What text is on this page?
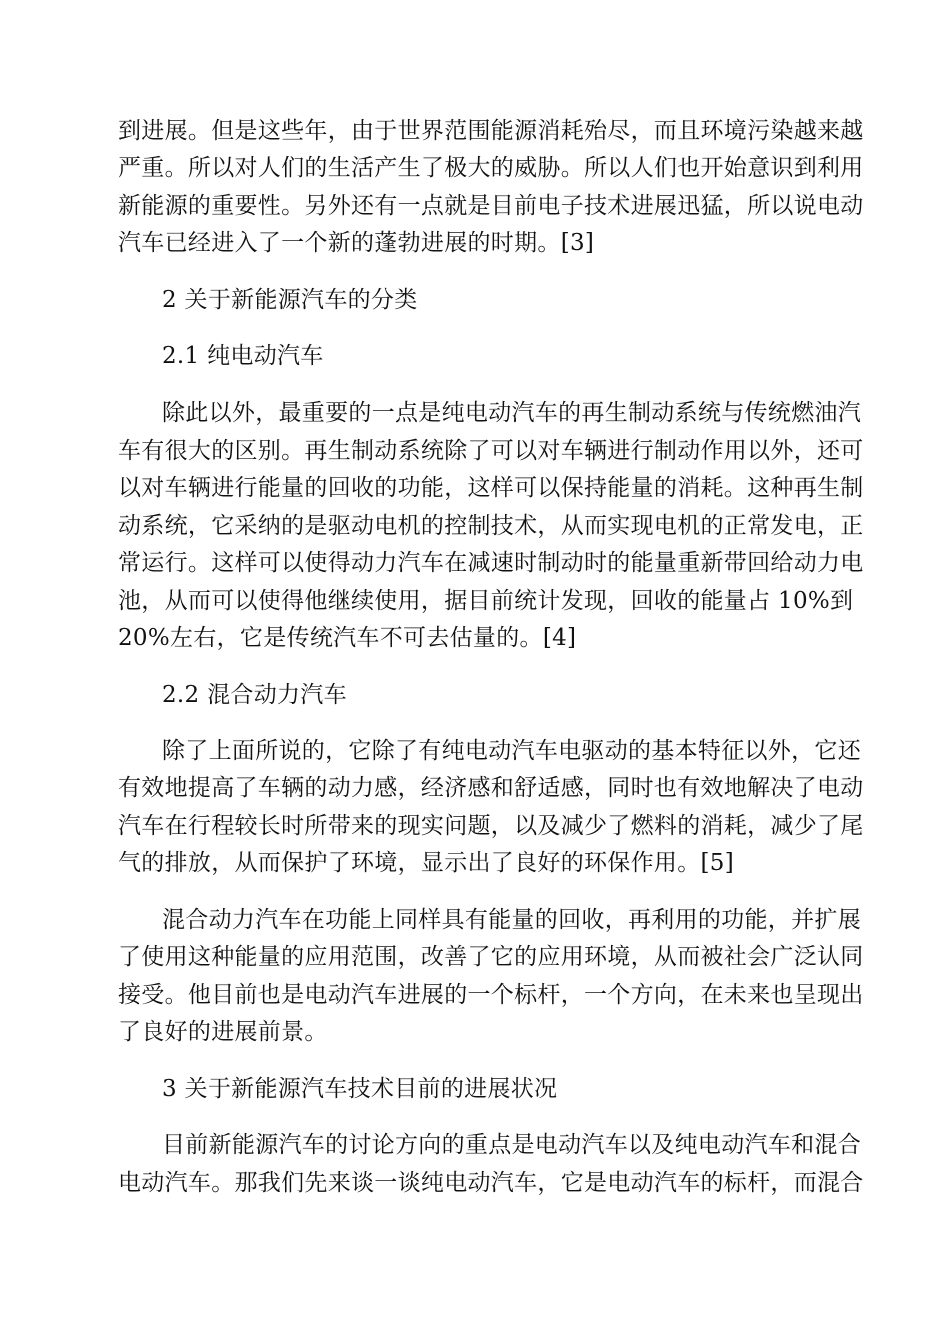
到进展。但是这些年，由于世界范围能源消耗殆尽，而且环境污染越来越
严重。所以对人们的生活产生了极大的威胁。所以人们也开始意识到利用
新能源的重要性。另外还有一点就是目前电子技术进展迅猛，所以说电动
汽车已经进入了一个新的蓬勃进展的时期。[3]
2 关于新能源汽车的分类
2.1 纯电动汽车
除此以外，最重要的一点是纯电动汽车的再生制动系统与传统燃油汽
车有很大的区别。再生制动系统除了可以对车辆进行制动作用以外，还可
以对车辆进行能量的回收的功能，这样可以保持能量的消耗。这种再生制
动系统，它采纳的是驱动电机的控制技术，从而实现电机的正常发电，正
常运行。这样可以使得动力汽车在减速时制动时的能量重新带回给动力电
池，从而可以使得他继续使用，据目前统计发现，回收的能量占 10%到
20%左右，它是传统汽车不可去估量的。[4]
2.2 混合动力汽车
除了上面所说的，它除了有纯电动汽车电驱动的基本特征以外，它还
有效地提高了车辆的动力感，经济感和舒适感，同时也有效地解决了电动
汽车在行程较长时所带来的现实问题，以及减少了燃料的消耗，减少了尾
气的排放，从而保护了环境，显示出了良好的环保作用。[5]
混合动力汽车在功能上同样具有能量的回收，再利用的功能，并扩展
了使用这种能量的应用范围，改善了它的应用环境，从而被社会广泛认同
接受。他目前也是电动汽车进展的一个标杆，一个方向，在未来也呈现出
了良好的进展前景。
3 关于新能源汽车技术目前的进展状况
目前新能源汽车的讨论方向的重点是电动汽车以及纯电动汽车和混合
电动汽车。那我们先来谈一谈纯电动汽车，它是电动汽车的标杆，而混合
